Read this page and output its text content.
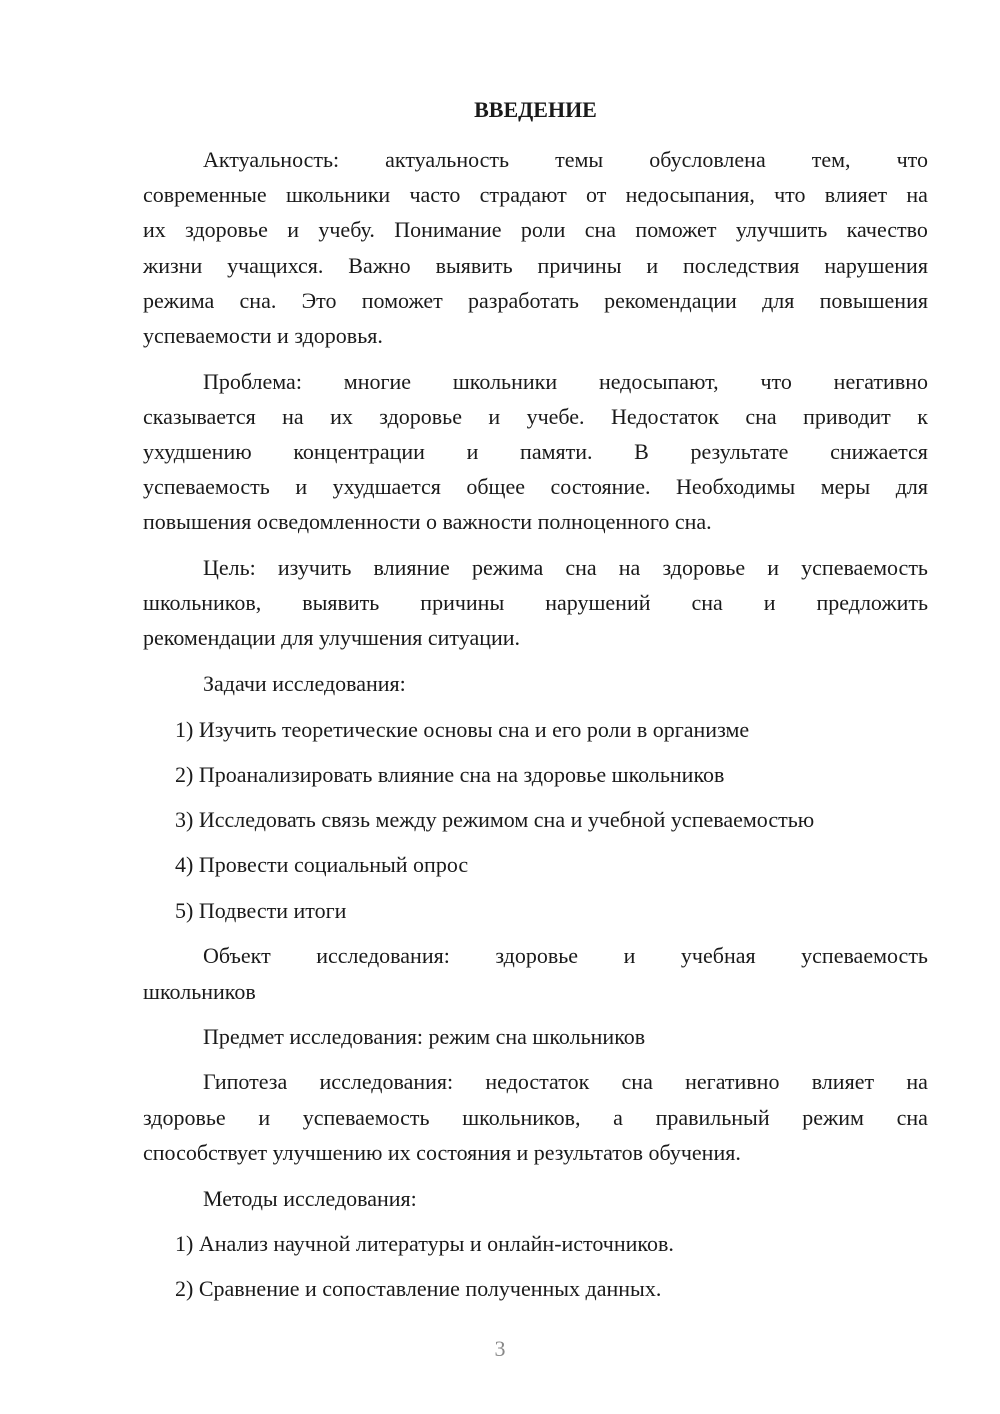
ВВЕДЕНИЕ
Актуальность: актуальность темы обусловлена тем, что
современные школьники часто страдают от недосыпания, что влияет на
их здоровье и учебу. Понимание роли сна поможет улучшить качество
жизни учащихся. Важно выявить причины и последствия нарушения
режима сна. Это поможет разработать рекомендации для повышения
успеваемости и здоровья.
Проблема: многие школьники недосыпают, что негативно
сказывается на их здоровье и учебе. Недостаток сна приводит к
ухудшению концентрации и памяти. В результате снижается
успеваемость и ухудшается общее состояние. Необходимы меры для
повышения осведомленности о важности полноценного сна.
Цель: изучить влияние режима сна на здоровье и успеваемость
школьников, выявить причины нарушений сна и предложить
рекомендации для улучшения ситуации.
Задачи исследования:
1) Изучить теоретические основы сна и его роли в организме
2) Проанализировать влияние сна на здоровье школьников
3) Исследовать связь между режимом сна и учебной успеваемостью
4) Провести социальный опрос
5) Подвести итоги
Объект исследования: здоровье и учебная успеваемость
школьников
Предмет исследования: режим сна школьников
Гипотеза исследования: недостаток сна негативно влияет на
здоровье и успеваемость школьников, а правильный режим сна
способствует улучшению их состояния и результатов обучения.
Методы исследования:
1) Анализ научной литературы и онлайн-источников.
2) Сравнение и сопоставление полученных данных.
3
